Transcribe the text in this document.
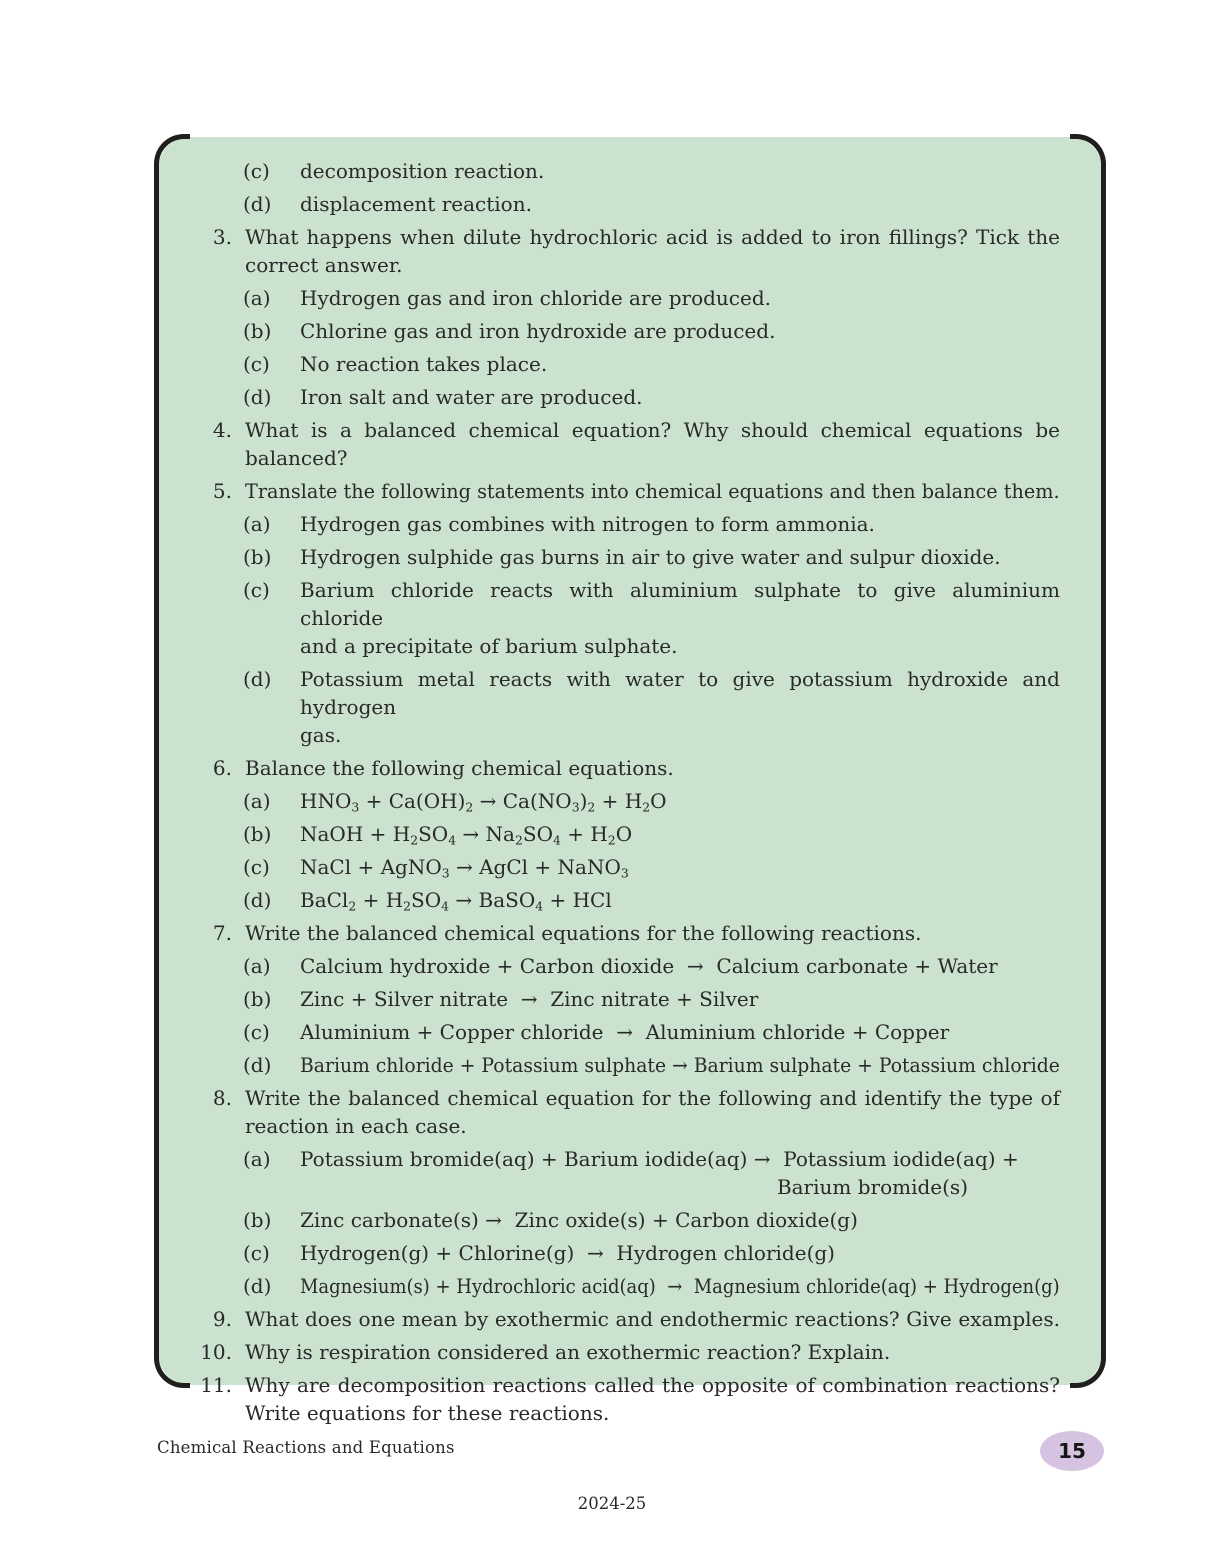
(c)	decomposition reaction.
(d)	displacement reaction.
3. What happens when dilute hydrochloric acid is added to iron fillings? Tick the
correct answer.
(a)	Hydrogen gas and iron chloride are produced.
(b)	Chlorine gas and iron hydroxide are produced.
(c)	No reaction takes place.
(d)	Iron salt and water are produced.
4. What is a balanced chemical equation? Why should chemical equations be
balanced?
5. Translate the following statements into chemical equations and then balance them.
(a)	Hydrogen gas combines with nitrogen to form ammonia.
(b)	Hydrogen sulphide gas burns in air to give water and sulpur dioxide.
(c)	Barium chloride reacts with aluminium sulphate to give aluminium chloride
and a precipitate of barium sulphate.
(d)	Potassium metal reacts with water to give potassium hydroxide and hydrogen
gas.
6. Balance the following chemical equations.
(a)	$HNO_3 + Ca(OH)_2 \to Ca(NO_3)_2 + H_2O$
(b)	NaOH + $H_2SO_4 \to Na_2SO_4 + H_2O$
(c)	NaCl + AgNO$_3$ → AgCl + NaNO$_3$
(d)	BaCl$_2$ + $H_2SO_4$ → BaSO$_4$ + HCl
7. Write the balanced chemical equations for the following reactions.
(a)	Calcium hydroxide + Carbon dioxide  →  Calcium carbonate + Water
(b)	Zinc + Silver nitrate  →  Zinc nitrate + Silver
(c)	Aluminium + Copper chloride  →  Aluminium chloride + Copper
(d)	Barium chloride + Potassium sulphate → Barium sulphate + Potassium chloride
8. Write the balanced chemical equation for the following and identify the type of
reaction in each case.
(a)	Potassium bromide(aq) + Barium iodide(aq) →  Potassium iodide(aq) +
Barium bromide(s)
(b)	Zinc carbonate(s) →  Zinc oxide(s) + Carbon dioxide(g)
(c)	Hydrogen(g) + Chlorine(g)  →  Hydrogen chloride(g)
(d)	Magnesium(s) + Hydrochloric acid(aq)  →  Magnesium chloride(aq) + Hydrogen(g)
9. What does one mean by exothermic and endothermic reactions? Give examples.
10. Why is respiration considered an exothermic reaction? Explain.
11. Why are decomposition reactions called the opposite of combination reactions?
Write equations for these reactions.
Chemical Reactions and Equations	15
2024-25
